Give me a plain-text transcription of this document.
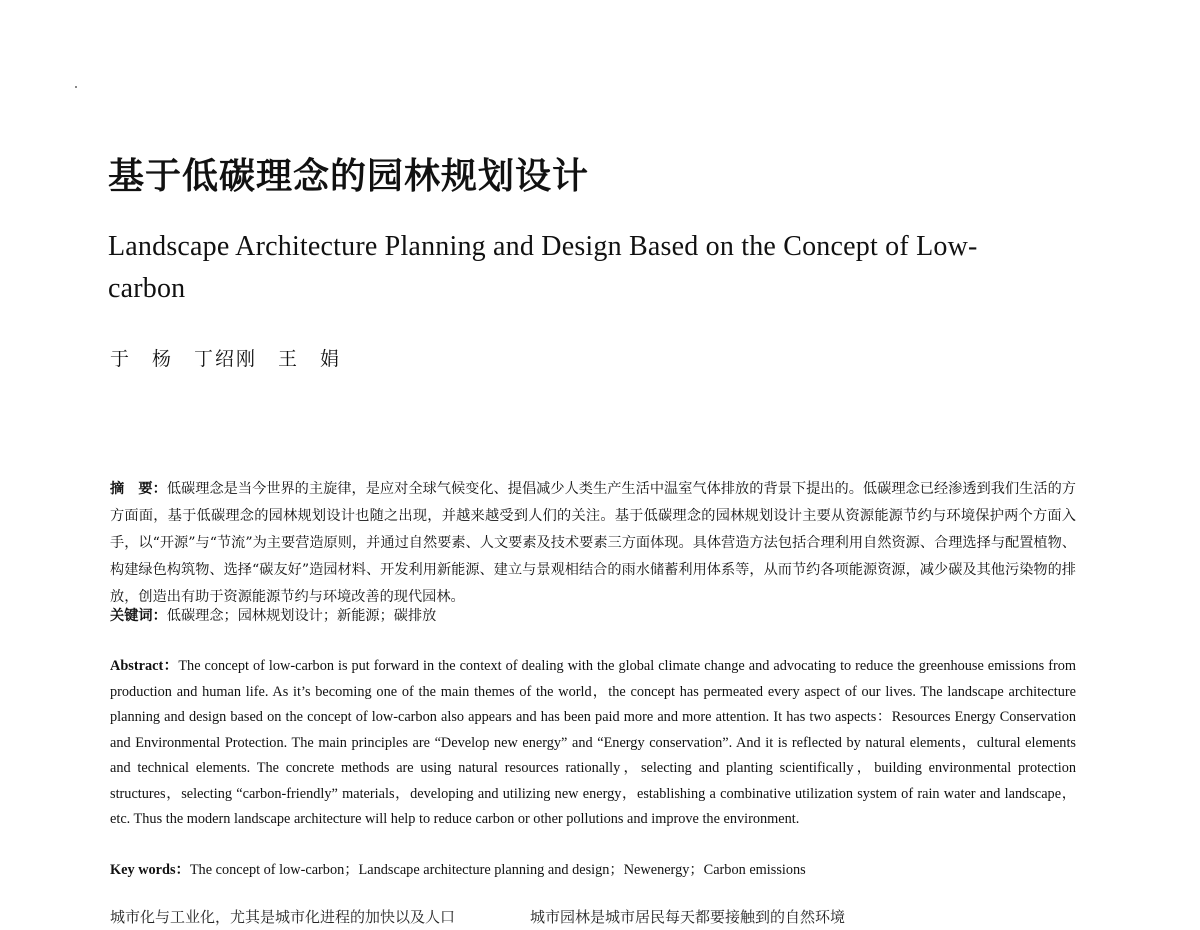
基于低碳理念的园林规划设计
Landscape Architecture Planning and Design Based on the Concept of Low-carbon
于　杨　丁绍刚　王　娟

摘　要：低碳理念是当今世界的主旋律，是应对全球气候变化、提倡减少人类生产生活中温室气体排放的背景下提出的。低碳理念已经渗透到我们生活的方方面面，基于低碳理念的园林规划设计也随之出现，并越来越受到人们的关注。基于低碳理念的园林规划设计主要从资源能源节约与环境保护两个方面入手，以“开源”与“节流”为主要营造原则，并通过自然要素、人文要素及技术要素三方面体现。具体营造方法包括合理利用自然资源、合理选择与配置植物、构建绿色构筑物、选择“碳友好”造园材料、开发利用新能源、建立与景观相结合的雨水储蓄利用体系等，从而节约各项能源资源，减少碳及其他污染物的排放，创造出有助于资源能源节约与环境改善的现代园林。

关键词：低碳理念；园林规划设计；新能源；碳排放

Abstract：The concept of low-carbon is put forward in the context of dealing with the global climate change and advocating to reduce the greenhouse emissions from production and human life. As it’s becoming one of the main themes of the world，the concept has permeated every aspect of our lives. The landscape architecture planning and design based on the concept of low-carbon also appears and has been paid more and more attention. It has two aspects：Resources Energy Conservation and Environmental Protection. The main principles are “Develop new energy” and “Energy conservation”. And it is reflected by natural elements，cultural elements and technical elements. The concrete methods are using natural resources rationally，selecting and planting scientifically，building environmental protection structures，selecting “carbon-friendly” materials，developing and utilizing new energy，establishing a combinative utilization system of rain water and landscape，etc. Thus the modern landscape architecture will help to reduce carbon or other pollutions and improve the environment.

Key words：The concept of low-carbon；Landscape architecture planning and design；Newenergy；Carbon emissions

城市化与工业化，尤其是城市化进程的加快以及人口　　　　　城市园林是城市居民每天都要接触到的自然环境
